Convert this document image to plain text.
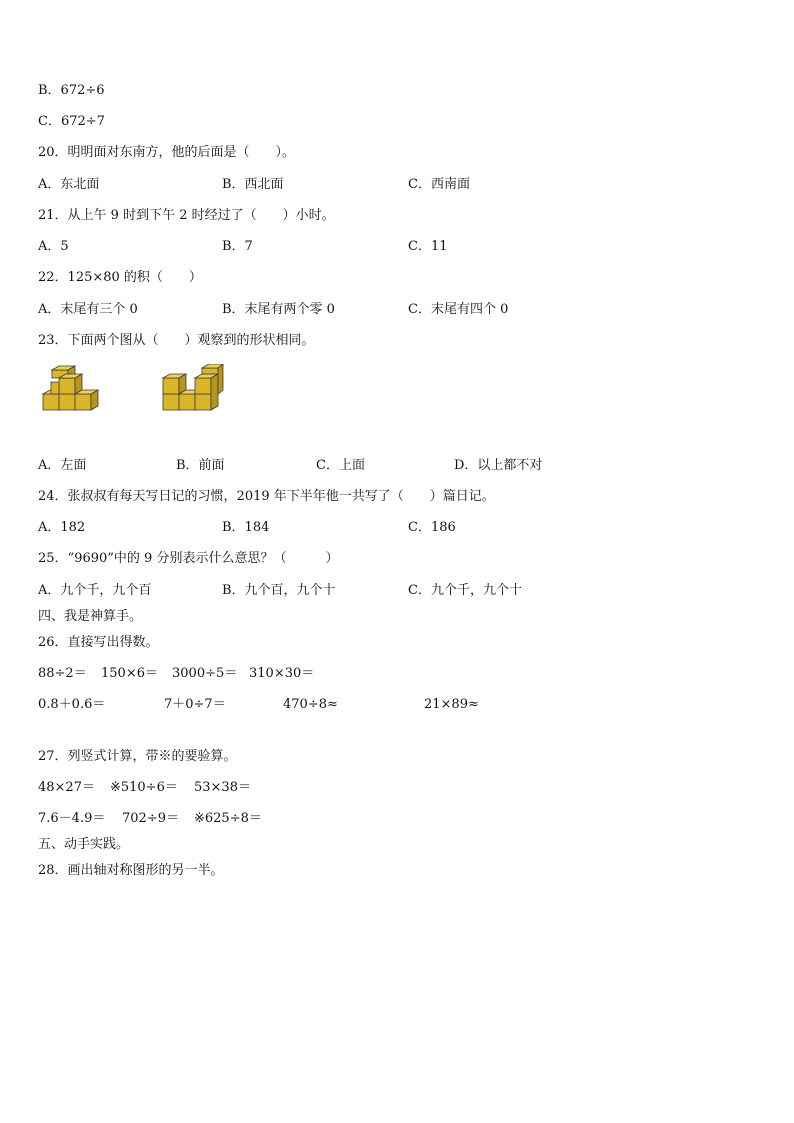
B．672÷6
C．672÷7
20．明明面对东南方，他的后面是（　　）。
A．东北面	B．西北面	C．西南面
21．从上午 9 时到下午 2 时经过了（　　）小时。
A．5	B．7	C．11
22．125×80 的积（　　）
A．末尾有三个 0	B．末尾有两个零 0	C．末尾有四个 0
23．下面两个图从（　　）观察到的形状相同。
A．左面	B．前面	C．上面	D．以上都不对
24．张叔叔有每天写日记的习惯，2019 年下半年他一共写了（　　）篇日记。
A．182	B．184	C．186
25．“9690”中的 9 分别表示什么意思？（　　　）
A．九个千，九个百	B．九个百，九个十	C．九个千，九个十
四、我是神算手。
26．直接写出得数。
88÷2＝ 150×6＝ 3000÷5＝ 310×30＝
0.8＋0.6＝	7＋0÷7＝	470÷8≈	21×89≈
27．列竖式计算，带※的要验算。
48×27＝ ※510÷6＝ 53×38＝
7.6－4.9＝ 702÷9＝ ※625÷8＝
五、动手实践。
28．画出轴对称图形的另一半。
